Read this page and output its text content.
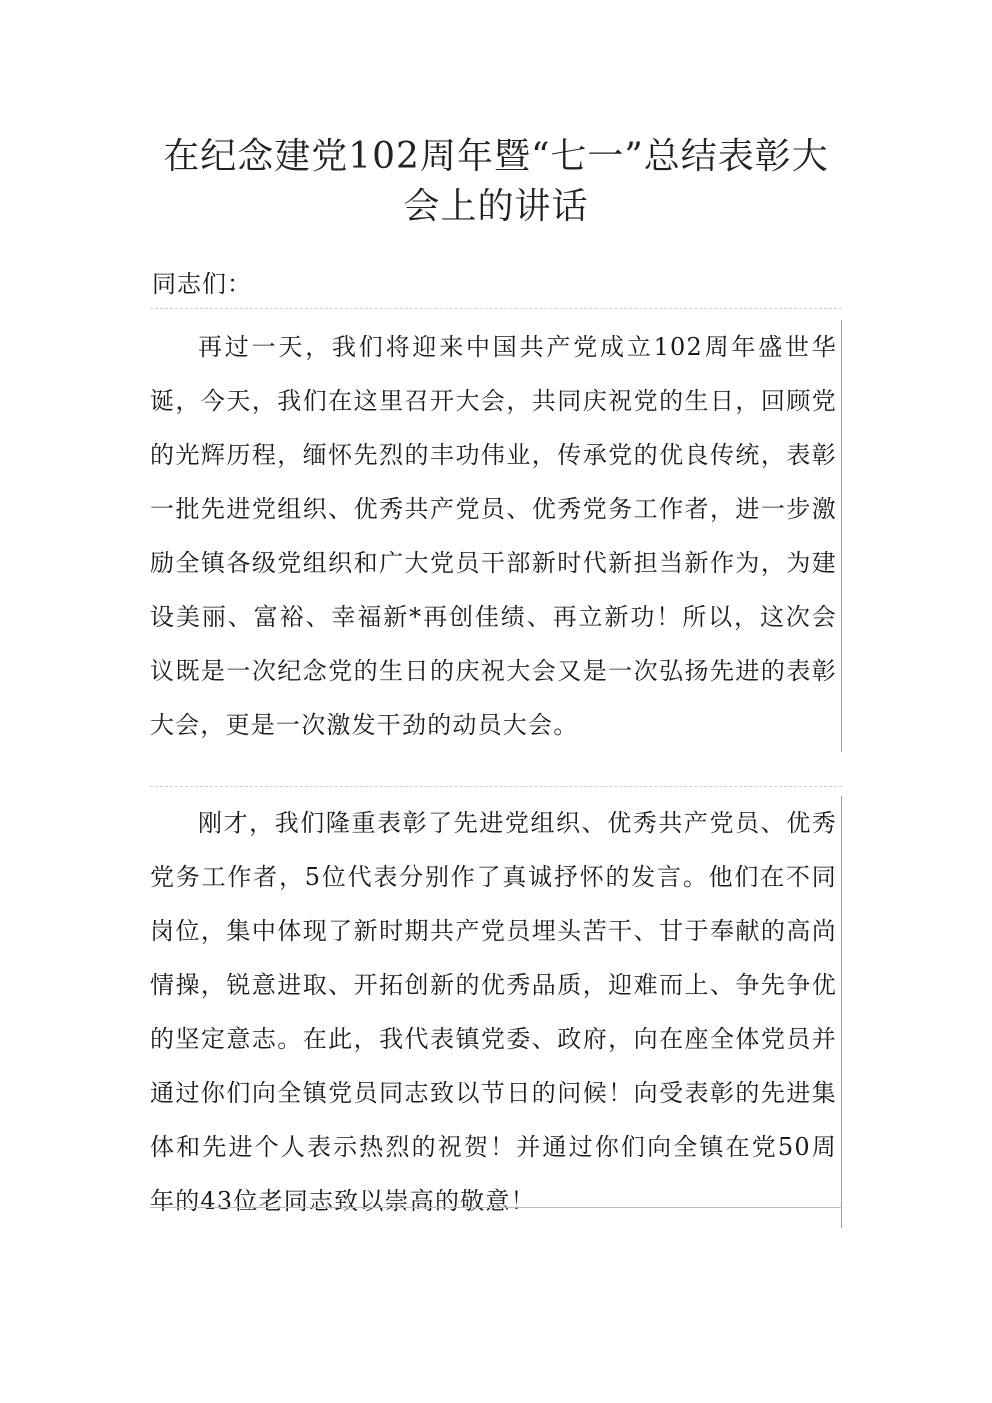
在纪念建党102周年暨“七一”总结表彰大会上的讲话
同志们：
再过一天，我们将迎来中国共产党成立102周年盛世华诞，今天，我们在这里召开大会，共同庆祝党的生日，回顾党的光辉历程，缅怀先烈的丰功伟业，传承党的优良传统，表彰一批先进党组织、优秀共产党员、优秀党务工作者，进一步激励全镇各级党组织和广大党员干部新时代新担当新作为，为建设美丽、富裕、幸福新*再创佳绩、再立新功！所以，这次会议既是一次纪念党的生日的庆祝大会又是一次弘扬先进的表彰大会，更是一次激发干劲的动员大会。
刚才，我们隆重表彰了先进党组织、优秀共产党员、优秀党务工作者，5位代表分别作了真诚抒怀的发言。他们在不同岗位，集中体现了新时期共产党员埋头苦干、甘于奉献的高尚情操，锐意进取、开拓创新的优秀品质，迎难而上、争先争优的坚定意志。在此，我代表镇党委、政府，向在座全体党员并通过你们向全镇党员同志致以节日的问候！向受表彰的先进集体和先进个人表示热烈的祝贺！并通过你们向全镇在党50周年的43位老同志致以崇高的敬意！
